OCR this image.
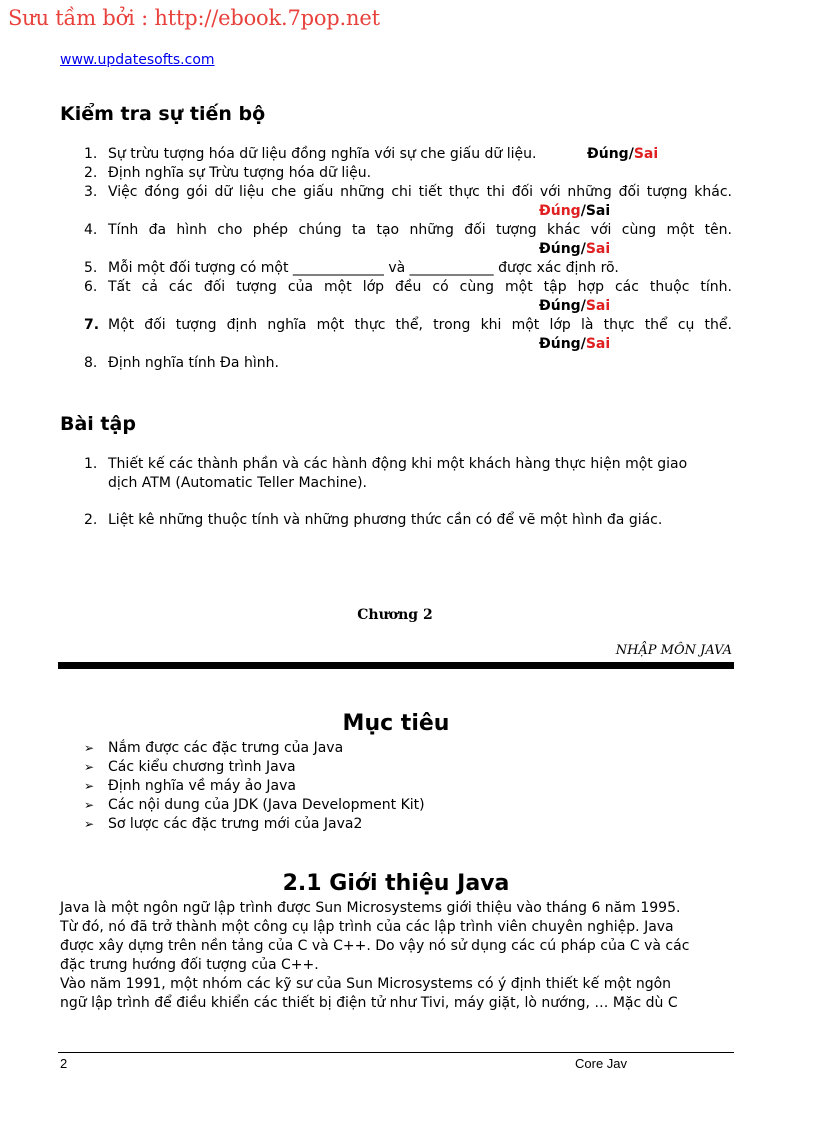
Sưu tầm bởi : http://ebook.7pop.net
www.updatesofts.com
Kiểm tra sự tiến bộ
1. Sự trừu tượng hóa dữ liệu đồng nghĩa với sự che giấu dữ liệu.	Đúng/Sai
2. Định nghĩa sự Trừu tượng hóa dữ liệu.
3. Việc đóng gói dữ liệu che giấu những chi tiết thực thi đối với những đối tượng khác.
Đúng/Sai
4. Tính đa hình cho phép chúng ta tạo những đối tượng khác với cùng một tên.
Đúng/Sai
5. Mỗi một đối tượng có một _____________ và ____________ được xác định rõ.
6. Tất cả các đối tượng của một lớp đều có cùng một tập hợp các thuộc tính.
Đúng/Sai
7. Một đối tượng định nghĩa một thực thể, trong khi một lớp là thực thể cụ thể.
Đúng/Sai
8. Định nghĩa tính Đa hình.
Bài tập
1. Thiết kế các thành phần và các hành động khi một khách hàng thực hiện một giao
dịch ATM (Automatic Teller Machine).
2. Liệt kê những thuộc tính và những phương thức cần có để vẽ một hình đa giác.
Chương 2
NHẬP MÔN JAVA
Mục tiêu
➢ Nắm được các đặc trưng của Java
➢ Các kiểu chương trình Java
➢ Định nghĩa về máy ảo Java
➢ Các nội dung của JDK (Java Development Kit)
➢ Sơ lược các đặc trưng mới của Java2
2.1 Giới thiệu Java

Java là một ngôn ngữ lập trình được Sun Microsystems giới thiệu vào tháng 6 năm 1995.

Từ đó, nó đã trở thành một công cụ lập trình của các lập trình viên chuyên nghiệp. Java

được xây dựng trên nền tảng của C và C++. Do vậy nó sử dụng các cú pháp của C và các

đặc trưng hướng đối tượng của C++.

Vào năm 1991, một nhóm các kỹ sư của Sun Microsystems có ý định thiết kế một ngôn

ngữ lập trình để điều khiển các thiết bị điện tử như Tivi, máy giặt, lò nướng, … Mặc dù C

2	Core Jav
